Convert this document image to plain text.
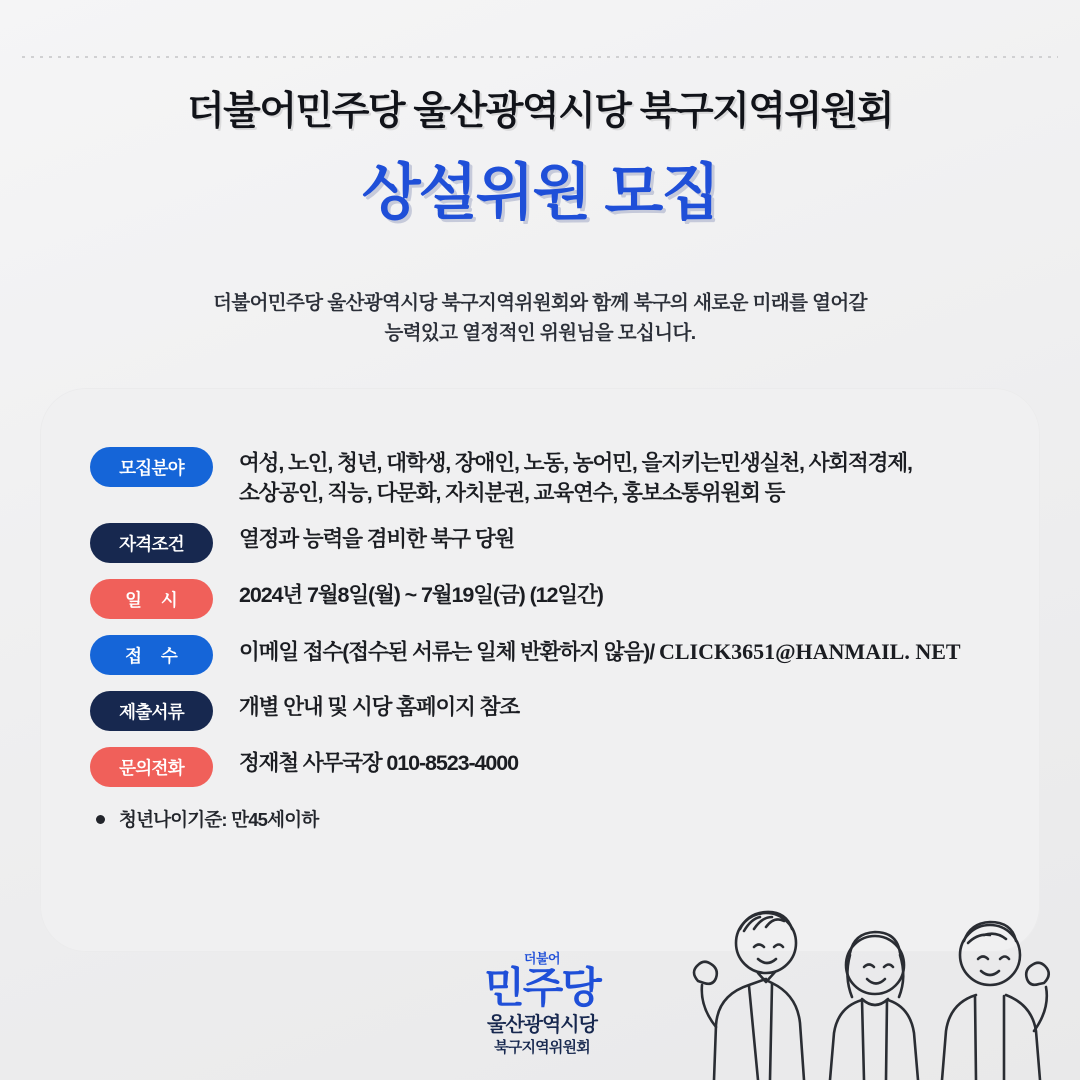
더불어민주당 울산광역시당 북구지역위원회
상설위원 모집
더불어민주당 울산광역시당 북구지역위원회와 함께 북구의 새로운 미래를 열어갈
능력있고 열정적인 위원님을 모십니다.
모집분야	여성, 노인, 청년, 대학생, 장애인, 노동, 농어민, 을지키는민생실천, 사회적경제,
소상공인, 직능, 다문화, 자치분권, 교육연수, 홍보소통위원회 등
자격조건	열정과 능력을 겸비한 북구 당원
일 시	2024년 7월8일(월) ~ 7월19일(금) (12일간)
접 수	이메일 접수(접수된 서류는 일체 반환하지 않음)/ CLICK3651@HANMAIL. NET
제출서류	개별 안내 및 시당 홈페이지 참조
문의전화	정재철 사무국장 010-8523-4000
청년나이기준: 만45세이하
더불어
민주당
울산광역시당
북구지역위원회
